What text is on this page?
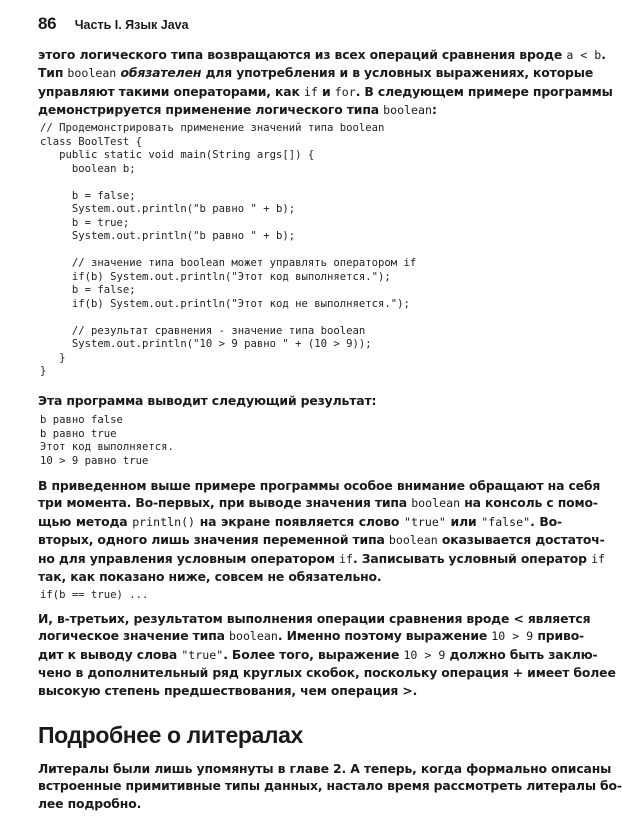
86 Часть I. Язык Java
этого логического типа возвращаются из всех операций сравнения вроде a < b.
Тип boolean обязателен для употребления и в условных выражениях, которые
управляют такими операторами, как if и for. В следующем примере программы
демонстрируется применение логического типа boolean:
// Продемонстрировать применение значений типа boolean
class BoolTest {
public static void main(String args[]) {
boolean b;

b = false;
System.out.println("b равно " + b);
b = true;
System.out.println("b равно " + b);

// значение типа boolean может управлять оператором if
if(b) System.out.println("Этот код выполняется.");
b = false;
if(b) System.out.println("Этот код не выполняется.");

// результат сравнения - значение типа boolean
System.out.println("10 > 9 равно " + (10 > 9));
}
}
Эта программа выводит следующий результат:
b равно false
b равно true
Этот код выполняется.
10 > 9 равно true
В приведенном выше примере программы особое внимание обращают на себя
три момента. Во-первых, при выводе значения типа boolean на консоль с помо-
щью метода println() на экране появляется слово "true" или "false". Во-
вторых, одного лишь значения переменной типа boolean оказывается достаточ-
но для управления условным оператором if. Записывать условный оператор if
так, как показано ниже, совсем не обязательно.
if(b == true) ...
И, в-третьих, результатом выполнения операции сравнения вроде < является
логическое значение типа boolean. Именно поэтому выражение 10 > 9 приво-
дит к выводу слова "true". Более того, выражение 10 > 9 должно быть заклю-
чено в дополнительный ряд круглых скобок, поскольку операция + имеет более
высокую степень предшествования, чем операция >.
Подробнее о литералах
Литералы были лишь упомянуты в главе 2. А теперь, когда формально описаны
встроенные примитивные типы данных, настало время рассмотреть литералы бо-
лее подробно.
